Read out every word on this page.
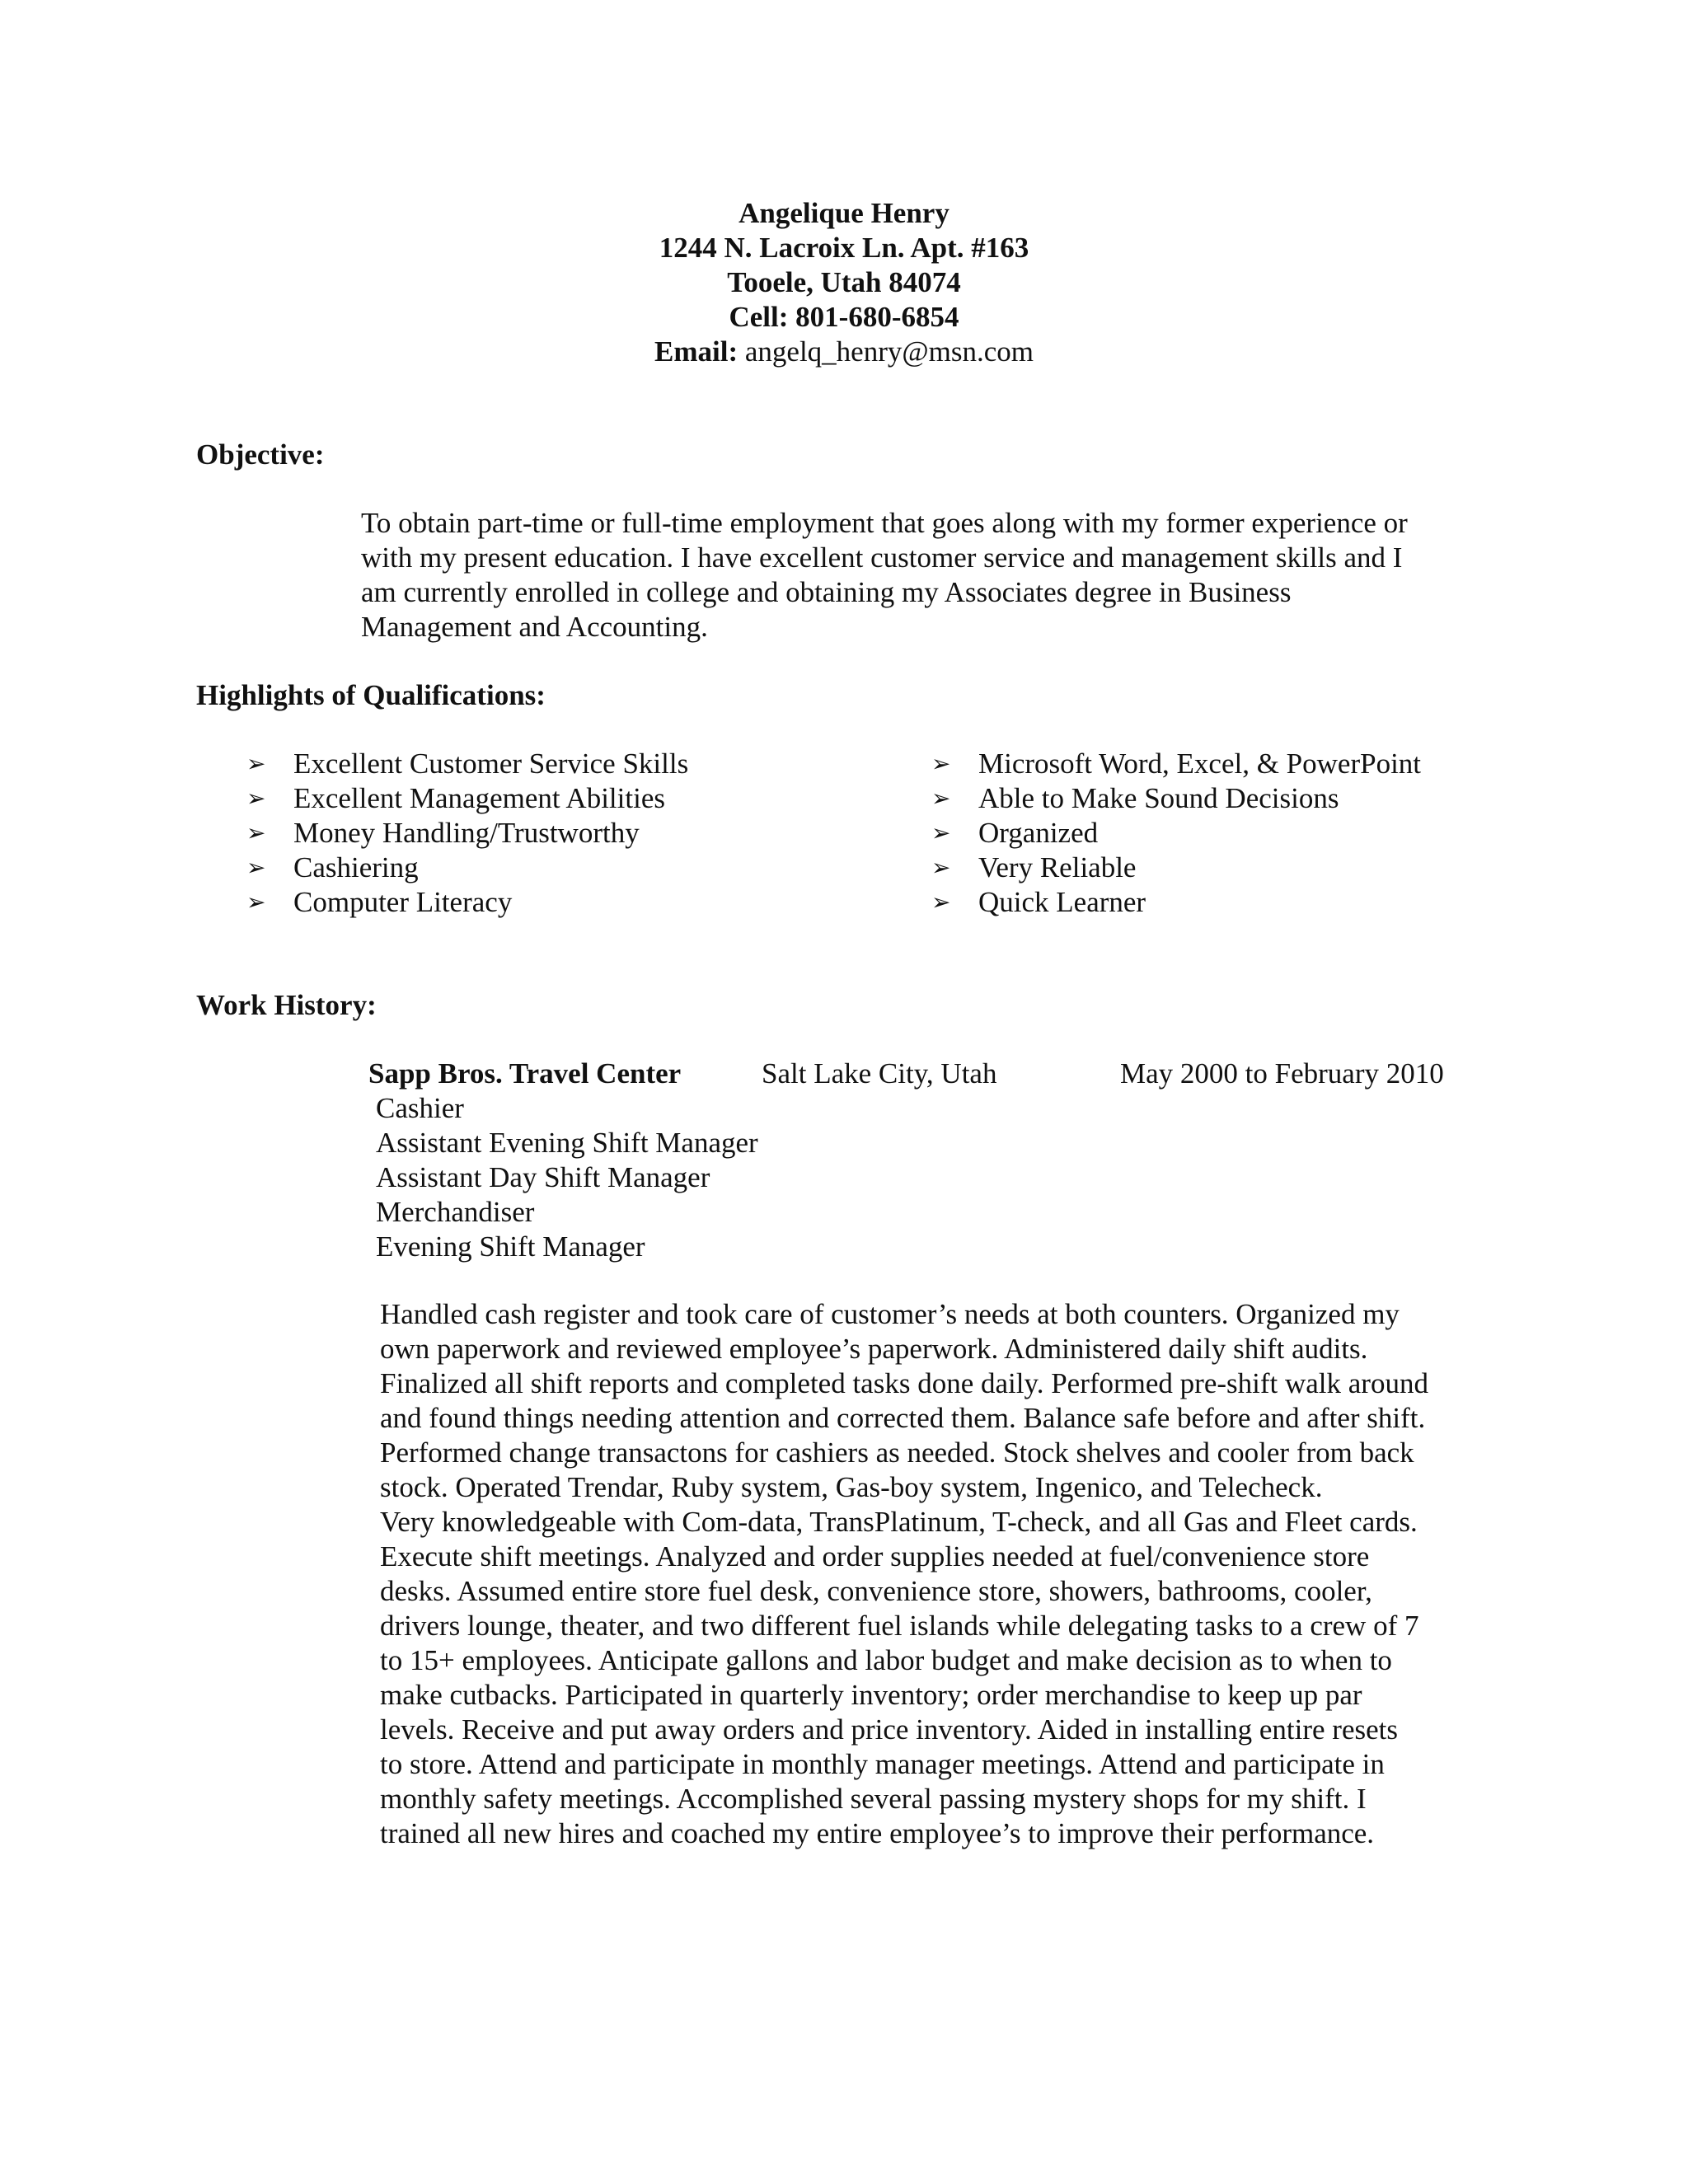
Angelique Henry
1244 N. Lacroix Ln. Apt. #163
Tooele, Utah 84074
Cell: 801-680-6854
Email: angelq_henry@msn.com
Objective:
To obtain part-time or full-time employment that goes along with my former experience or
with my present education. I have excellent customer service and management skills and I
am currently enrolled in college and obtaining my Associates degree in Business
Management and Accounting.
Highlights of Qualifications:
➢ Excellent Customer Service Skills
➢ Excellent Management Abilities
➢ Money Handling/Trustworthy
➢ Cashiering
➢ Computer Literacy
➢ Microsoft Word, Excel, & PowerPoint
➢ Able to Make Sound Decisions
➢ Organized
➢ Very Reliable
➢ Quick Learner
Work History:
Sapp Bros. Travel Center	Salt Lake City, Utah	May 2000 to February 2010
Cashier
Assistant Evening Shift Manager
Assistant Day Shift Manager
Merchandiser
Evening Shift Manager
Handled cash register and took care of customer’s needs at both counters. Organized my
own paperwork and reviewed employee’s paperwork. Administered daily shift audits.
Finalized all shift reports and completed tasks done daily. Performed pre-shift walk around
and found things needing attention and corrected them. Balance safe before and after shift.
Performed change transactons for cashiers as needed. Stock shelves and cooler from back
stock. Operated Trendar, Ruby system, Gas-boy system, Ingenico, and Telecheck.
Very knowledgeable with Com-data, TransPlatinum, T-check, and all Gas and Fleet cards.
Execute shift meetings. Analyzed and order supplies needed at fuel/convenience store
desks. Assumed entire store fuel desk, convenience store, showers, bathrooms, cooler,
drivers lounge, theater, and two different fuel islands while delegating tasks to a crew of 7
to 15+ employees. Anticipate gallons and labor budget and make decision as to when to
make cutbacks. Participated in quarterly inventory; order merchandise to keep up par
levels. Receive and put away orders and price inventory. Aided in installing entire resets
to store. Attend and participate in monthly manager meetings. Attend and participate in
monthly safety meetings. Accomplished several passing mystery shops for my shift. I
trained all new hires and coached my entire employee’s to improve their performance.
